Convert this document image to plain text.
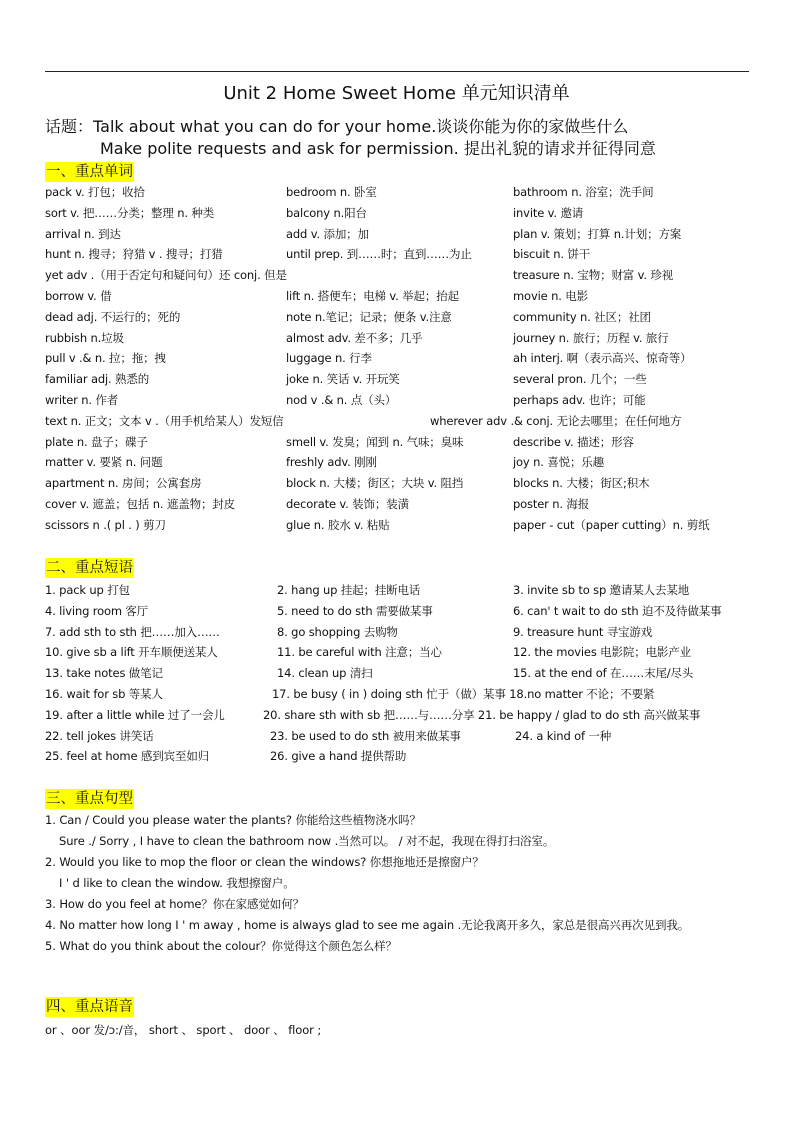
Unit 2 Home Sweet Home 单元知识清单
话题：Talk about what you can do for your home.谈谈你能为你的家做些什么
Make polite requests and ask for permission. 提出礼貌的请求并征得同意
一、重点单词
pack v. 打包；收拾	bedroom n. 卧室	bathroom n. 浴室；洗手间
sort v. 把……分类；整理 n. 种类	balcony n.阳台	invite v. 邀请
arrival n. 到达	add v. 添加；加	plan v. 策划；打算 n.计划；方案
hunt n. 搜寻；狩猎 v . 搜寻；打猎	until prep. 到……时；直到……为止	biscuit n. 饼干
yet adv .（用于否定句和疑问句）还 conj. 但是	treasure n. 宝物；财富 v. 珍视
borrow v. 借	lift n. 搭便车；电梯 v. 举起；抬起	movie n. 电影
dead adj. 不运行的；死的	note n.笔记；记录；便条 v.注意	community n. 社区；社团
rubbish n.垃圾	almost adv. 差不多；几乎	journey n. 旅行；历程 v. 旅行
pull v .& n. 拉；拖；拽	luggage n. 行李	ah interj. 啊（表示高兴、惊奇等）
familiar adj. 熟悉的	joke n. 笑话 v. 开玩笑	several pron. 几个；一些
writer n. 作者	nod v .& n. 点（头）	perhaps adv. 也许；可能
text n. 正文；文本 v .（用手机给某人）发短信	wherever adv .& conj. 无论去哪里；在任何地方
plate n. 盘子；碟子	smell v. 发臭；闻到 n. 气味；臭味	describe v. 描述；形容
matter v. 要紧 n. 问题	freshly adv. 刚刚	joy n. 喜悦；乐趣
apartment n. 房间；公寓套房	block n. 大楼；街区；大块 v. 阻挡	blocks n. 大楼；街区;积木
cover v. 遮盖；包括 n. 遮盖物；封皮	decorate v. 装饰；装潢	poster n. 海报
scissors n .( pl . ) 剪刀	glue n. 胶水 v. 粘贴	paper - cut（paper cutting）n. 剪纸
二、重点短语
1. pack up 打包	2. hang up 挂起；挂断电话	3. invite sb to sp 邀请某人去某地
4. living room 客厅	5. need to do sth 需要做某事	6. can' t wait to do sth 迫不及待做某事
7. add sth to sth 把……加入……	8. go shopping 去购物	9. treasure hunt 寻宝游戏
10. give sb a lift 开车顺便送某人	11. be careful with 注意；当心	12. the movies 电影院；电影产业
13. take notes 做笔记	14. clean up 清扫	15. at the end of 在……末尾/尽头
16. wait for sb 等某人	17. be busy ( in ) doing sth 忙于（做）某事 18.no matter 不论；不要紧
19. after a little while 过了一会儿	20. share sth with sb 把……与……分享 21. be happy / glad to do sth 高兴做某事
22. tell jokes 讲笑话	23. be used to do sth 被用来做某事	24. a kind of 一种
25. feel at home 感到宾至如归	26. give a hand 提供帮助
三、重点句型
1. Can / Could you please water the plants? 你能给这些植物浇水吗？
Sure ./ Sorry , I have to clean the bathroom now .当然可以。 / 对不起，我现在得打扫浴室。
2. Would you like to mop the floor or clean the windows? 你想拖地还是擦窗户？
I ' d like to clean the window. 我想擦窗户。
3. How do you feel at home？你在家感觉如何？
4. No matter how long I ' m away , home is always glad to see me again .无论我离开多久，家总是很高兴再次见到我。
5. What do you think about the colour？你觉得这个颜色怎么样？
四、重点语音
or 、oor 发/ɔ:/音， short 、 sport 、 door 、 floor ;
